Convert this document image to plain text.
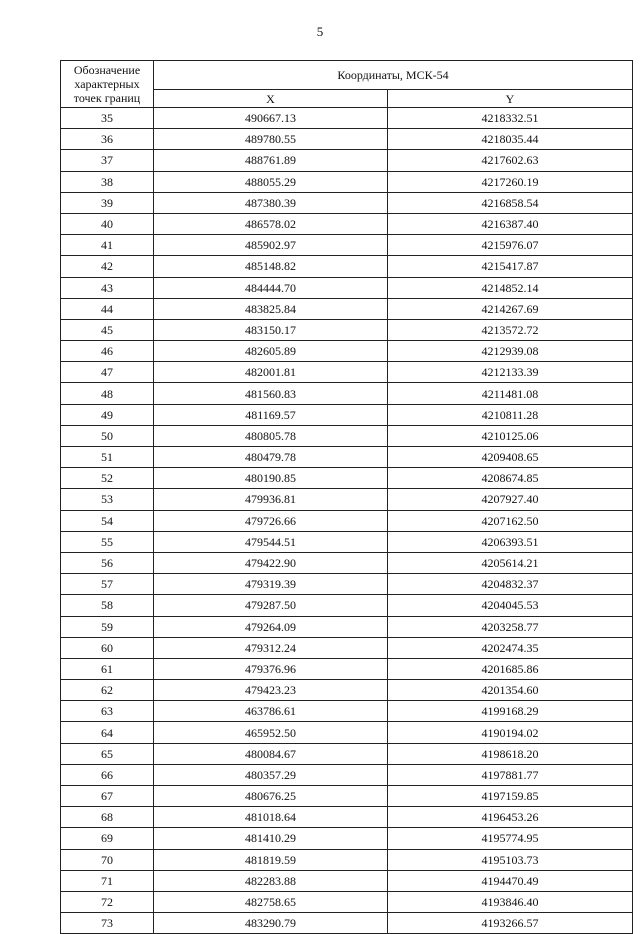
5
Обозначение характерных точек границ	Координаты, МСК-54	
	X	Y
35	490667.13	4218332.51
36	489780.55	4218035.44
37	488761.89	4217602.63
38	488055.29	4217260.19
39	487380.39	4216858.54
40	486578.02	4216387.40
41	485902.97	4215976.07
42	485148.82	4215417.87
43	484444.70	4214852.14
44	483825.84	4214267.69
45	483150.17	4213572.72
46	482605.89	4212939.08
47	482001.81	4212133.39
48	481560.83	4211481.08
49	481169.57	4210811.28
50	480805.78	4210125.06
51	480479.78	4209408.65
52	480190.85	4208674.85
53	479936.81	4207927.40
54	479726.66	4207162.50
55	479544.51	4206393.51
56	479422.90	4205614.21
57	479319.39	4204832.37
58	479287.50	4204045.53
59	479264.09	4203258.77
60	479312.24	4202474.35
61	479376.96	4201685.86
62	479423.23	4201354.60
63	463786.61	4199168.29
64	465952.50	4190194.02
65	480084.67	4198618.20
66	480357.29	4197881.77
67	480676.25	4197159.85
68	481018.64	4196453.26
69	481410.29	4195774.95
70	481819.59	4195103.73
71	482283.88	4194470.49
72	482758.65	4193846.40
73	483290.79	4193266.57
